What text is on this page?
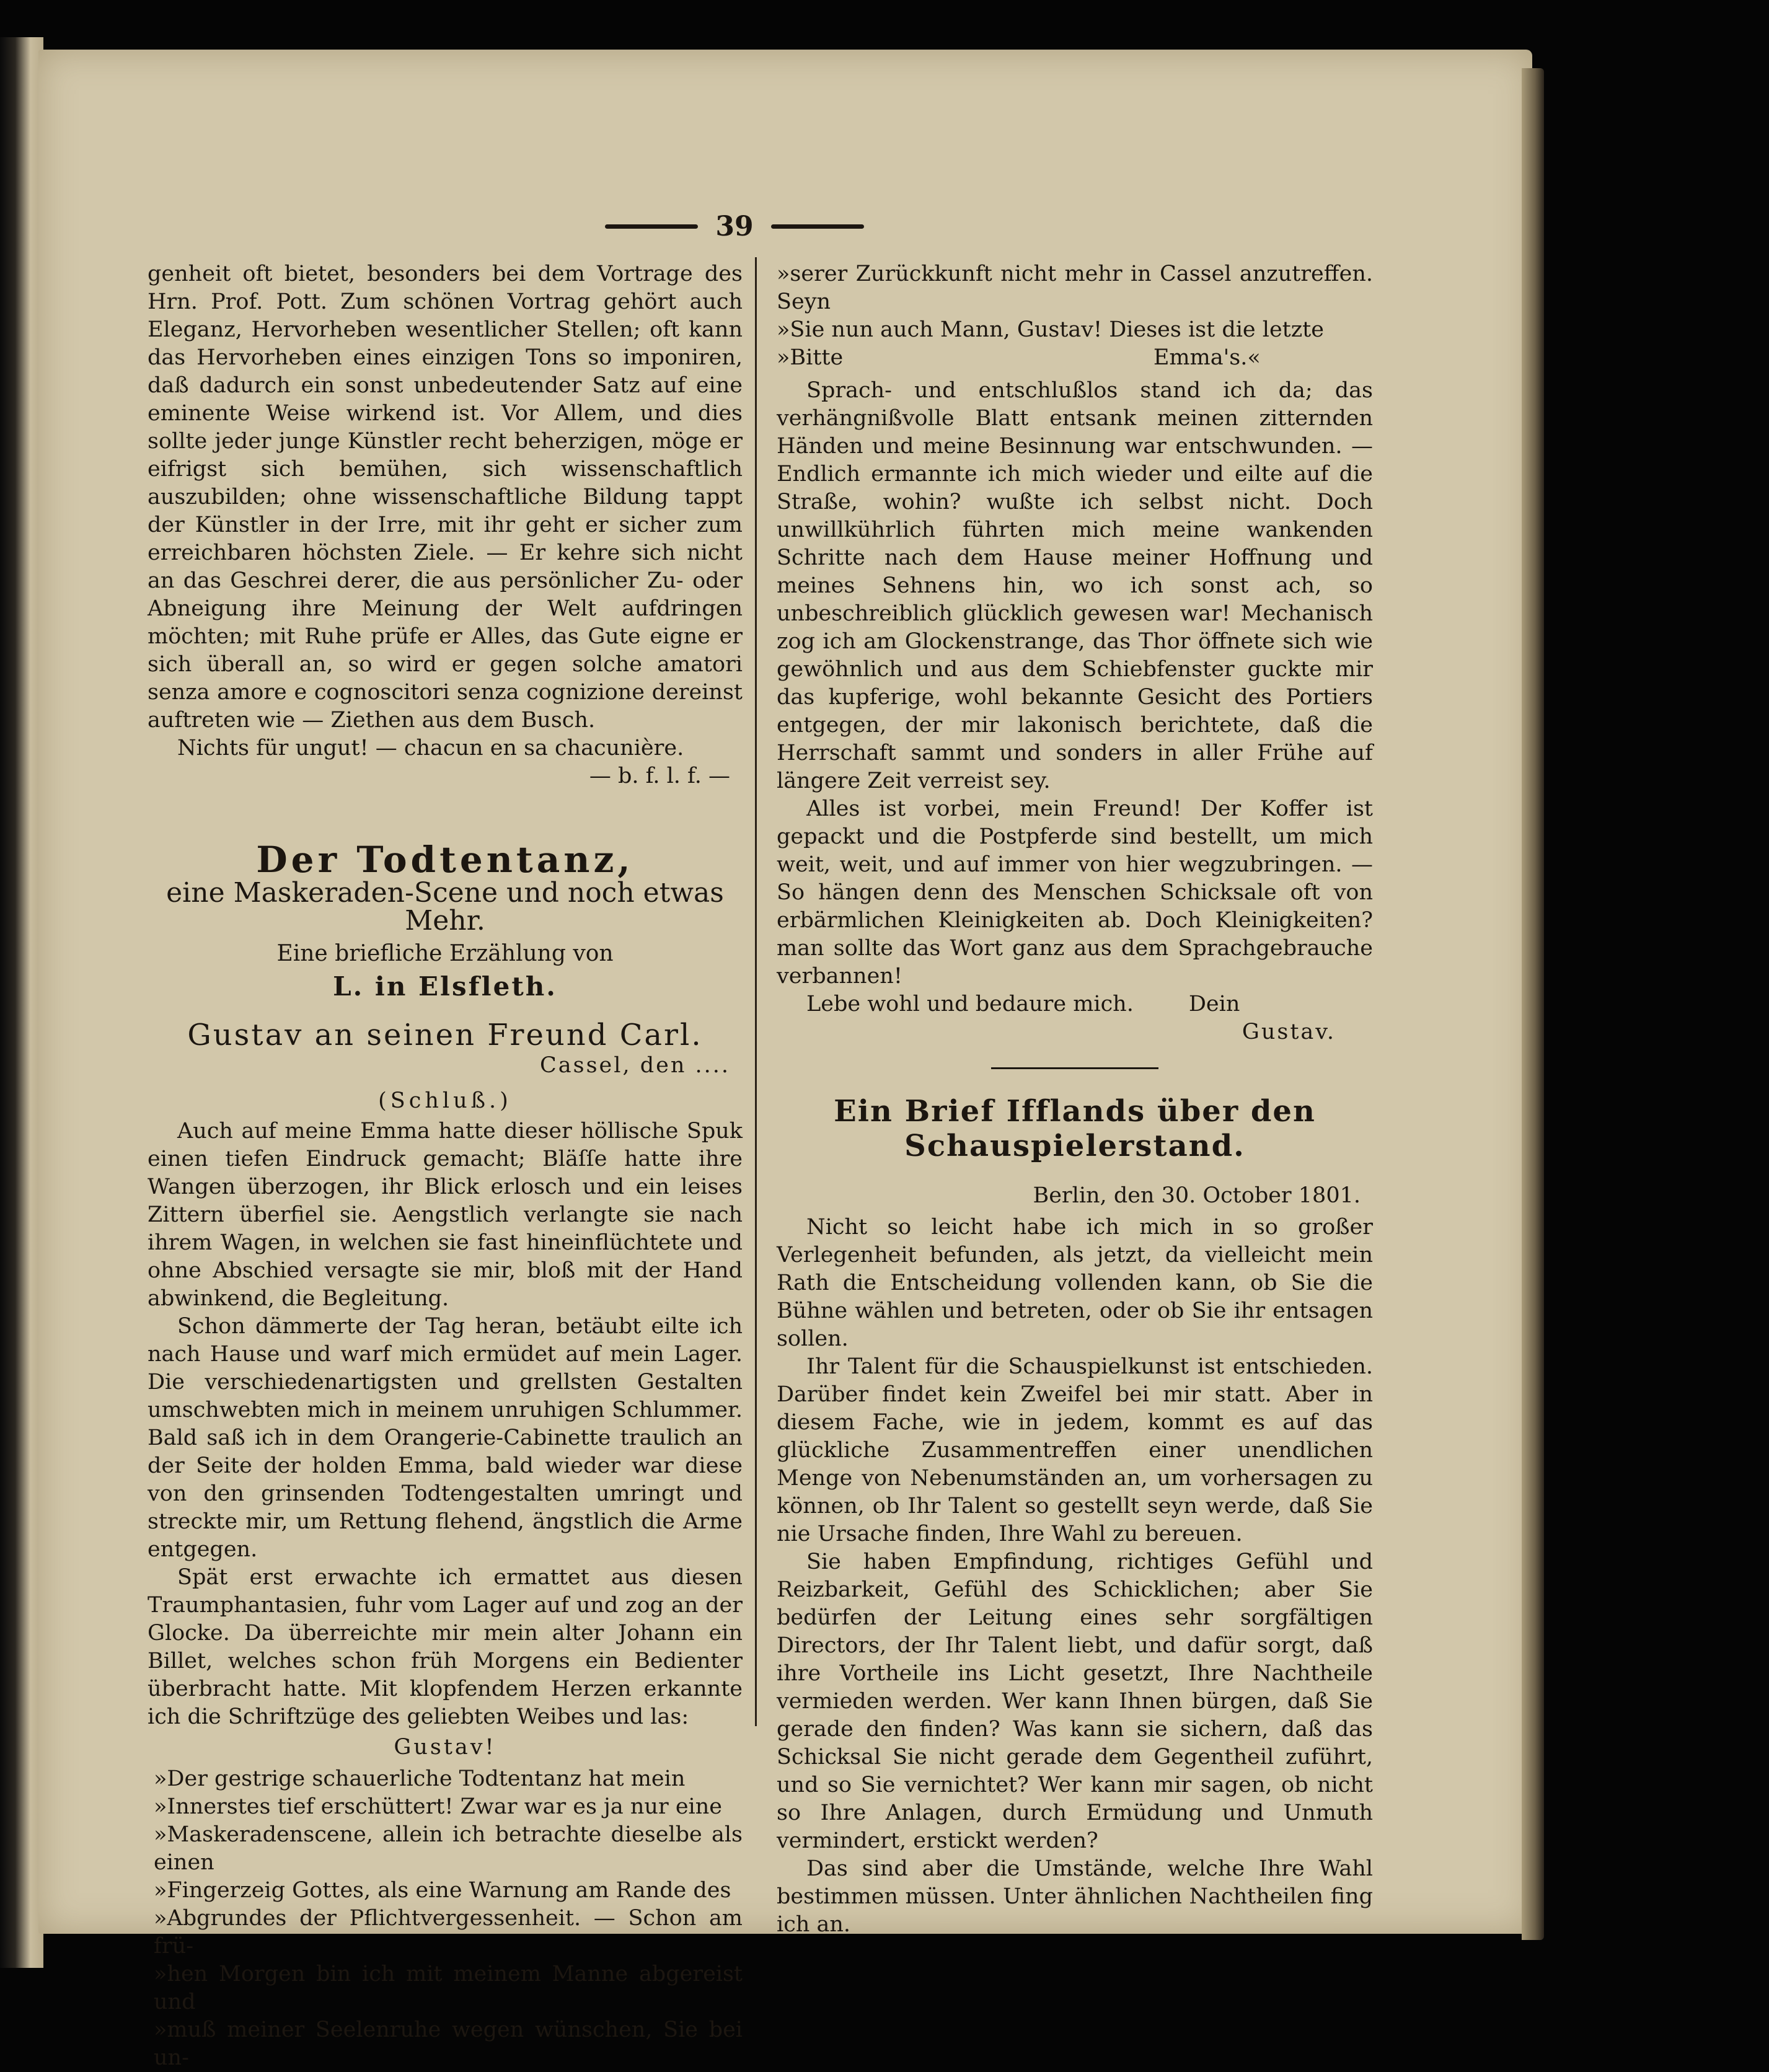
39

genheit oft bietet, besonders bei dem Vortrage des Hrn. Prof. Pott. Zum schönen Vortrag gehört auch Eleganz, Hervorheben wesentlicher Stellen; oft kann das Hervorheben eines einzigen Tons so imponiren, daß dadurch ein sonst unbedeutender Satz auf eine eminente Weise wirkend ist. Vor Allem, und dies sollte jeder junge Künstler recht beherzigen, möge er eifrigst sich bemühen, sich wissenschaftlich auszubilden; ohne wissenschaftliche Bildung tappt der Künstler in der Irre, mit ihr geht er sicher zum erreichbaren höchsten Ziele. — Er kehre sich nicht an das Geschrei derer, die aus persönlicher Zu- oder Abneigung ihre Meinung der Welt aufdringen möchten; mit Ruhe prüfe er Alles, das Gute eigne er sich überall an, so wird er gegen solche amatori senza amore e cognoscitori senza cognizione dereinst auftreten wie — Ziethen aus dem Busch.

Nichts für ungut! — chacun en sa chacunière.

— b. f. l. f. —

Der Todtentanz,

eine Maskeraden-Scene und noch etwas Mehr.

Eine briefliche Erzählung von

L. in Elsfleth.

Gustav an seinen Freund Carl.

Cassel, den ....

(Schluß.)

Auch auf meine Emma hatte dieser höllische Spuk einen tiefen Eindruck gemacht; Bläſſe hatte ihre Wangen überzogen, ihr Blick erlosch und ein leises Zittern überfiel sie. Aengstlich verlangte sie nach ihrem Wagen, in welchen sie fast hineinflüchtete und ohne Abschied versagte sie mir, bloß mit der Hand abwinkend, die Begleitung.

Schon dämmerte der Tag heran, betäubt eilte ich nach Hause und warf mich ermüdet auf mein Lager. Die verschiedenartigsten und grellsten Gestalten umschwebten mich in meinem unruhigen Schlummer. Bald saß ich in dem Orangerie-Cabinette traulich an der Seite der holden Emma, bald wieder war diese von den grinsenden Todtengestalten umringt und streckte mir, um Rettung flehend, ängstlich die Arme entgegen.

Spät erst erwachte ich ermattet aus diesen Traumphantasien, fuhr vom Lager auf und zog an der Glocke. Da überreichte mir mein alter Johann ein Billet, welches schon früh Morgens ein Bedienter überbracht hatte. Mit klopfendem Herzen erkannte ich die Schriftzüge des geliebten Weibes und las:

Gustav!

»Der gestrige schauerliche Todtentanz hat mein

»Innerstes tief erschüttert! Zwar war es ja nur eine

»Maskeradenscene, allein ich betrachte dieselbe als einen

»Fingerzeig Gottes, als eine Warnung am Rande des

»Abgrundes der Pflichtvergessenheit. — Schon am frü-

»hen Morgen bin ich mit meinem Manne abgereist und

»muß meiner Seelenruhe wegen wünschen, Sie bei un-

»serer Zurückkunft nicht mehr in Cassel anzutreffen. Seyn

»Sie nun auch Mann, Gustav! Dieses ist die letzte

»Bitte                                             Emma's.«

Sprach- und entschlußlos stand ich da; das verhängnißvolle Blatt entsank meinen zitternden Händen und meine Besinnung war entschwunden. — Endlich ermannte ich mich wieder und eilte auf die Straße, wohin? wußte ich selbst nicht. Doch unwillkührlich führten mich meine wankenden Schritte nach dem Hause meiner Hoffnung und meines Sehnens hin, wo ich sonst ach, so unbeschreiblich glücklich gewesen war! Mechanisch zog ich am Glockenstrange, das Thor öffnete sich wie gewöhnlich und aus dem Schiebfenster guckte mir das kupferige, wohl bekannte Gesicht des Portiers entgegen, der mir lakonisch berichtete, daß die Herrschaft sammt und sonders in aller Frühe auf längere Zeit verreist sey.

Alles ist vorbei, mein Freund! Der Koffer ist gepackt und die Postpferde sind bestellt, um mich weit, weit, und auf immer von hier wegzubringen. — So hängen denn des Menschen Schicksale oft von erbärmlichen Kleinigkeiten ab. Doch Kleinigkeiten? man sollte das Wort ganz aus dem Sprachgebrauche verbannen!

Lebe wohl und bedaure mich.        Dein

Gustav.

Ein Brief Ifflands über den Schauspielerstand.

Berlin, den 30. October 1801.

Nicht so leicht habe ich mich in so großer Verlegenheit befunden, als jetzt, da vielleicht mein Rath die Entscheidung vollenden kann, ob Sie die Bühne wählen und betreten, oder ob Sie ihr entsagen sollen.

Ihr Talent für die Schauspielkunst ist entschieden. Darüber findet kein Zweifel bei mir statt. Aber in diesem Fache, wie in jedem, kommt es auf das glückliche Zusammentreffen einer unendlichen Menge von Nebenumständen an, um vorhersagen zu können, ob Ihr Talent so gestellt seyn werde, daß Sie nie Ursache finden, Ihre Wahl zu bereuen.

Sie haben Empfindung, richtiges Gefühl und Reizbarkeit, Gefühl des Schicklichen; aber Sie bedürfen der Leitung eines sehr sorgfältigen Directors, der Ihr Talent liebt, und dafür sorgt, daß ihre Vortheile ins Licht gesetzt, Ihre Nachtheile vermieden werden. Wer kann Ihnen bürgen, daß Sie gerade den finden? Was kann sie sichern, daß das Schicksal Sie nicht gerade dem Gegentheil zuführt, und so Sie vernichtet? Wer kann mir sagen, ob nicht so Ihre Anlagen, durch Ermüdung und Unmuth vermindert, erstickt werden?

Das sind aber die Umstände, welche Ihre Wahl bestimmen müssen. Unter ähnlichen Nachtheilen fing ich an.
